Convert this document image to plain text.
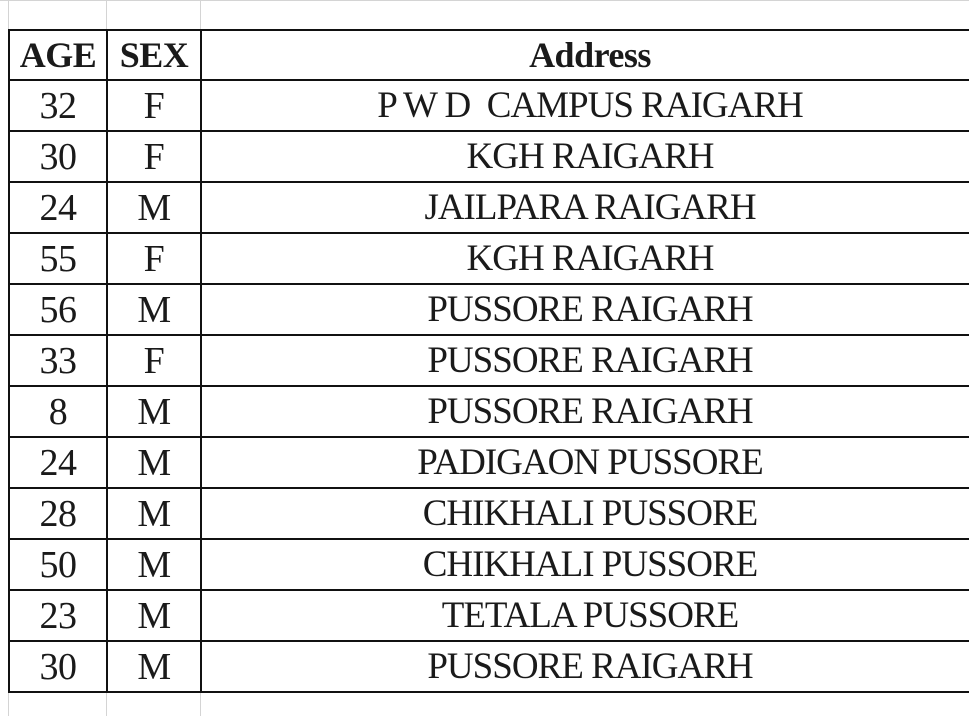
AGE	SEX	Address
32	F	P W D  CAMPUS RAIGARH
30	F	KGH RAIGARH
24	M	JAILPARA RAIGARH
55	F	KGH RAIGARH
56	M	PUSSORE RAIGARH
33	F	PUSSORE RAIGARH
8	M	PUSSORE RAIGARH
24	M	PADIGAON PUSSORE
28	M	CHIKHALI PUSSORE
50	M	CHIKHALI PUSSORE
23	M	TETALA PUSSORE
30	M	PUSSORE RAIGARH
